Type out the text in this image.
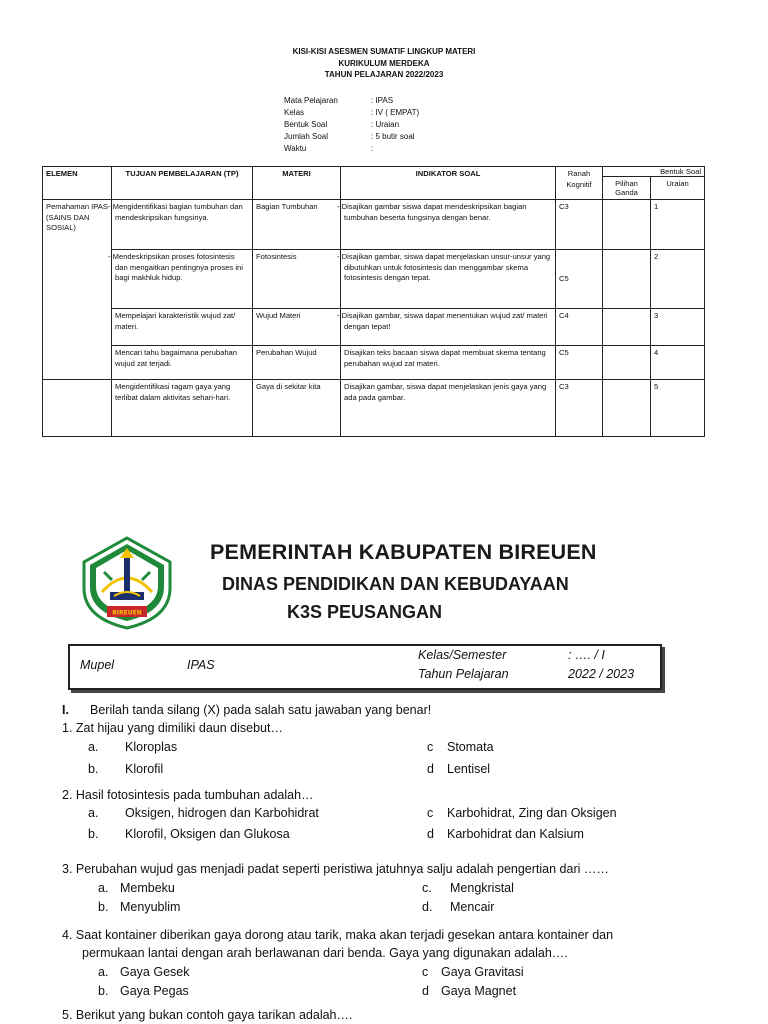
KISI-KISI ASESMEN SUMATIF LINGKUP MATERI
KURIKULUM MERDEKA
TAHUN PELAJARAN 2022/2023
Mata Pelajaran	: IPAS
Kelas	: IV ( EMPAT)
Bentuk Soal	: Uraian
Jumlah Soal	: 5 butir soal
Waktu	:
ELEMEN	TUJUAN PEMBELAJARAN (TP)	MATERI	INDIKATOR SOAL	Ranah Kognitif	Bentuk Soal	
					Pilihan Ganda	Uraian
Pemahaman IPAS (SAINS DAN SOSIAL)	- Mengidentifikasi bagian tumbuhan dan mendeskripsikan fungsinya.	Bagian Tumbuhan	- Disajikan gambar siswa dapat mendeskripsikan bagian tumbuhan beserta fungsinya dengan benar.	C3		1
	- Mendeskripsikan proses fotosintesis dan mengaitkan pentingnya proses ini bagi makhluk hidup.	Fotosintesis	- Disajikan gambar, siswa dapat menjelaskan unsur-unsur yang dibutuhkan untuk fotosintesis dan menggambar skema fotosintesis dengan tepat.	C5		2
	Mempelajari karakteristik wujud zat/ materi.	Wujud Materi	- Disajikan gambar, siswa dapat menentukan wujud zat/ materi dengan tepat!	C4		3
	Mencari tahu bagaimana perubahan wujud zat terjadi.	Perubahan Wujud	Disajikan teks bacaan siswa dapat membuat skema tentang perubahan wujud zat materi.	C5		4
	Mengidentifikasi ragam gaya yang terlibat dalam aktivitas sehari-hari.	Gaya di sekitar kita	Disajikan gambar, siswa dapat menjelaskan jenis gaya yang ada pada gambar.	C3		5
BIREUEN
PEMERINTAH KABUPATEN BIREUEN
DINAS PENDIDIKAN DAN KEBUDAYAAN
K3S PEUSANGAN
Mupel	IPAS
Kelas/Semester	: …. / I
Tahun Pelajaran	2022 / 2023
I. Berilah tanda silang (X) pada salah satu jawaban yang benar!
1. Zat hijau yang dimiliki daun disebut…
a. Kloroplas
b. Klorofil
c Stomata
d Lentisel
2. Hasil fotosintesis pada tumbuhan adalah…
a. Oksigen, hidrogen dan Karbohidrat
b. Klorofil, Oksigen dan Glukosa
c Karbohidrat, Zing dan Oksigen
d Karbohidrat dan Kalsium
3. Perubahan wujud gas menjadi padat seperti peristiwa jatuhnya salju adalah pengertian dari ……
a. Membeku
b. Menyublim
c. Mengkristal
d. Mencair
4. Saat kontainer diberikan gaya dorong atau tarik, maka akan terjadi gesekan antara kontainer dan
permukaan lantai dengan arah berlawanan dari benda. Gaya yang digunakan adalah….
a. Gaya Gesek
b. Gaya Pegas
c Gaya Gravitasi
d Gaya Magnet
5. Berikut yang bukan contoh gaya tarikan adalah….
